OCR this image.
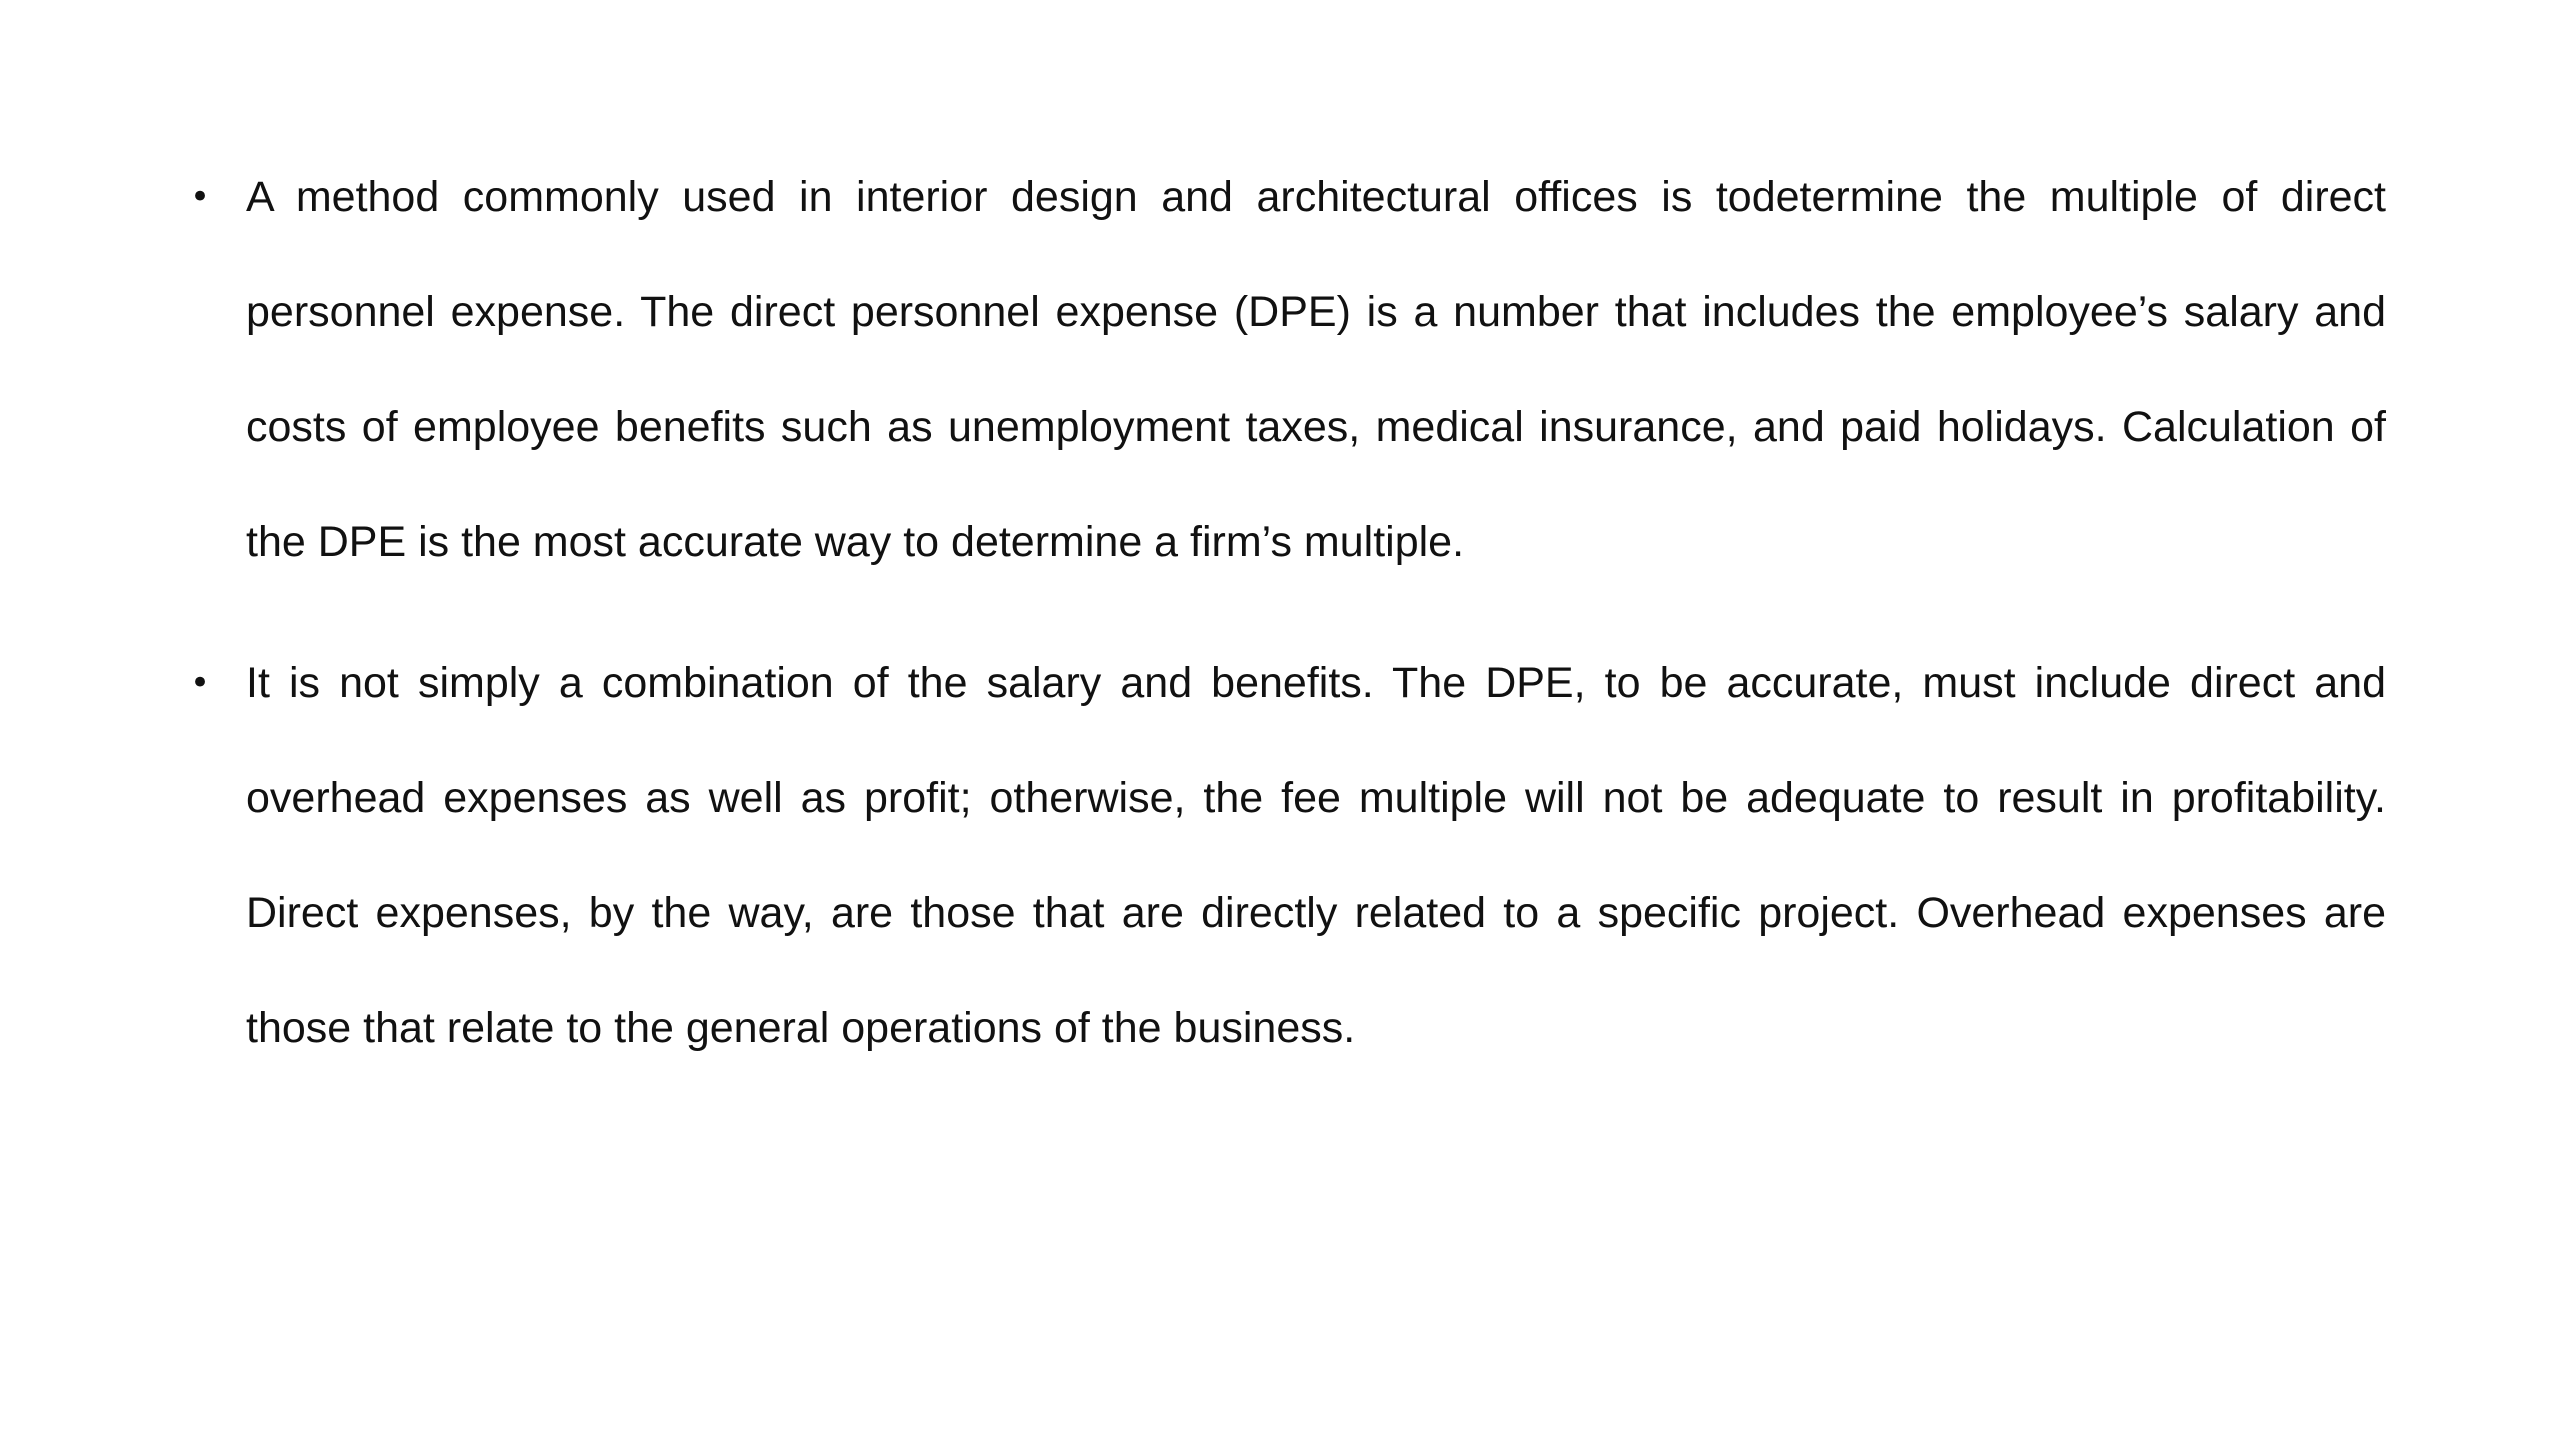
• A method commonly used in interior design and architectural offices is todetermine the multiple of direct personnel expense. The direct personnel expense (DPE) is a number that includes the employee’s salary and costs of employee benefits such as unemployment taxes, medical insurance, and paid holidays. Calculation of the DPE is the most accurate way to determine a firm’s multiple.
• It is not simply a combination of the salary and benefits. The DPE, to be accurate, must include direct and overhead expenses as well as profit; otherwise, the fee multiple will not be adequate to result in profitability. Direct expenses, by the way, are those that are directly related to a specific project. Overhead expenses are those that relate to the general operations of the business.
